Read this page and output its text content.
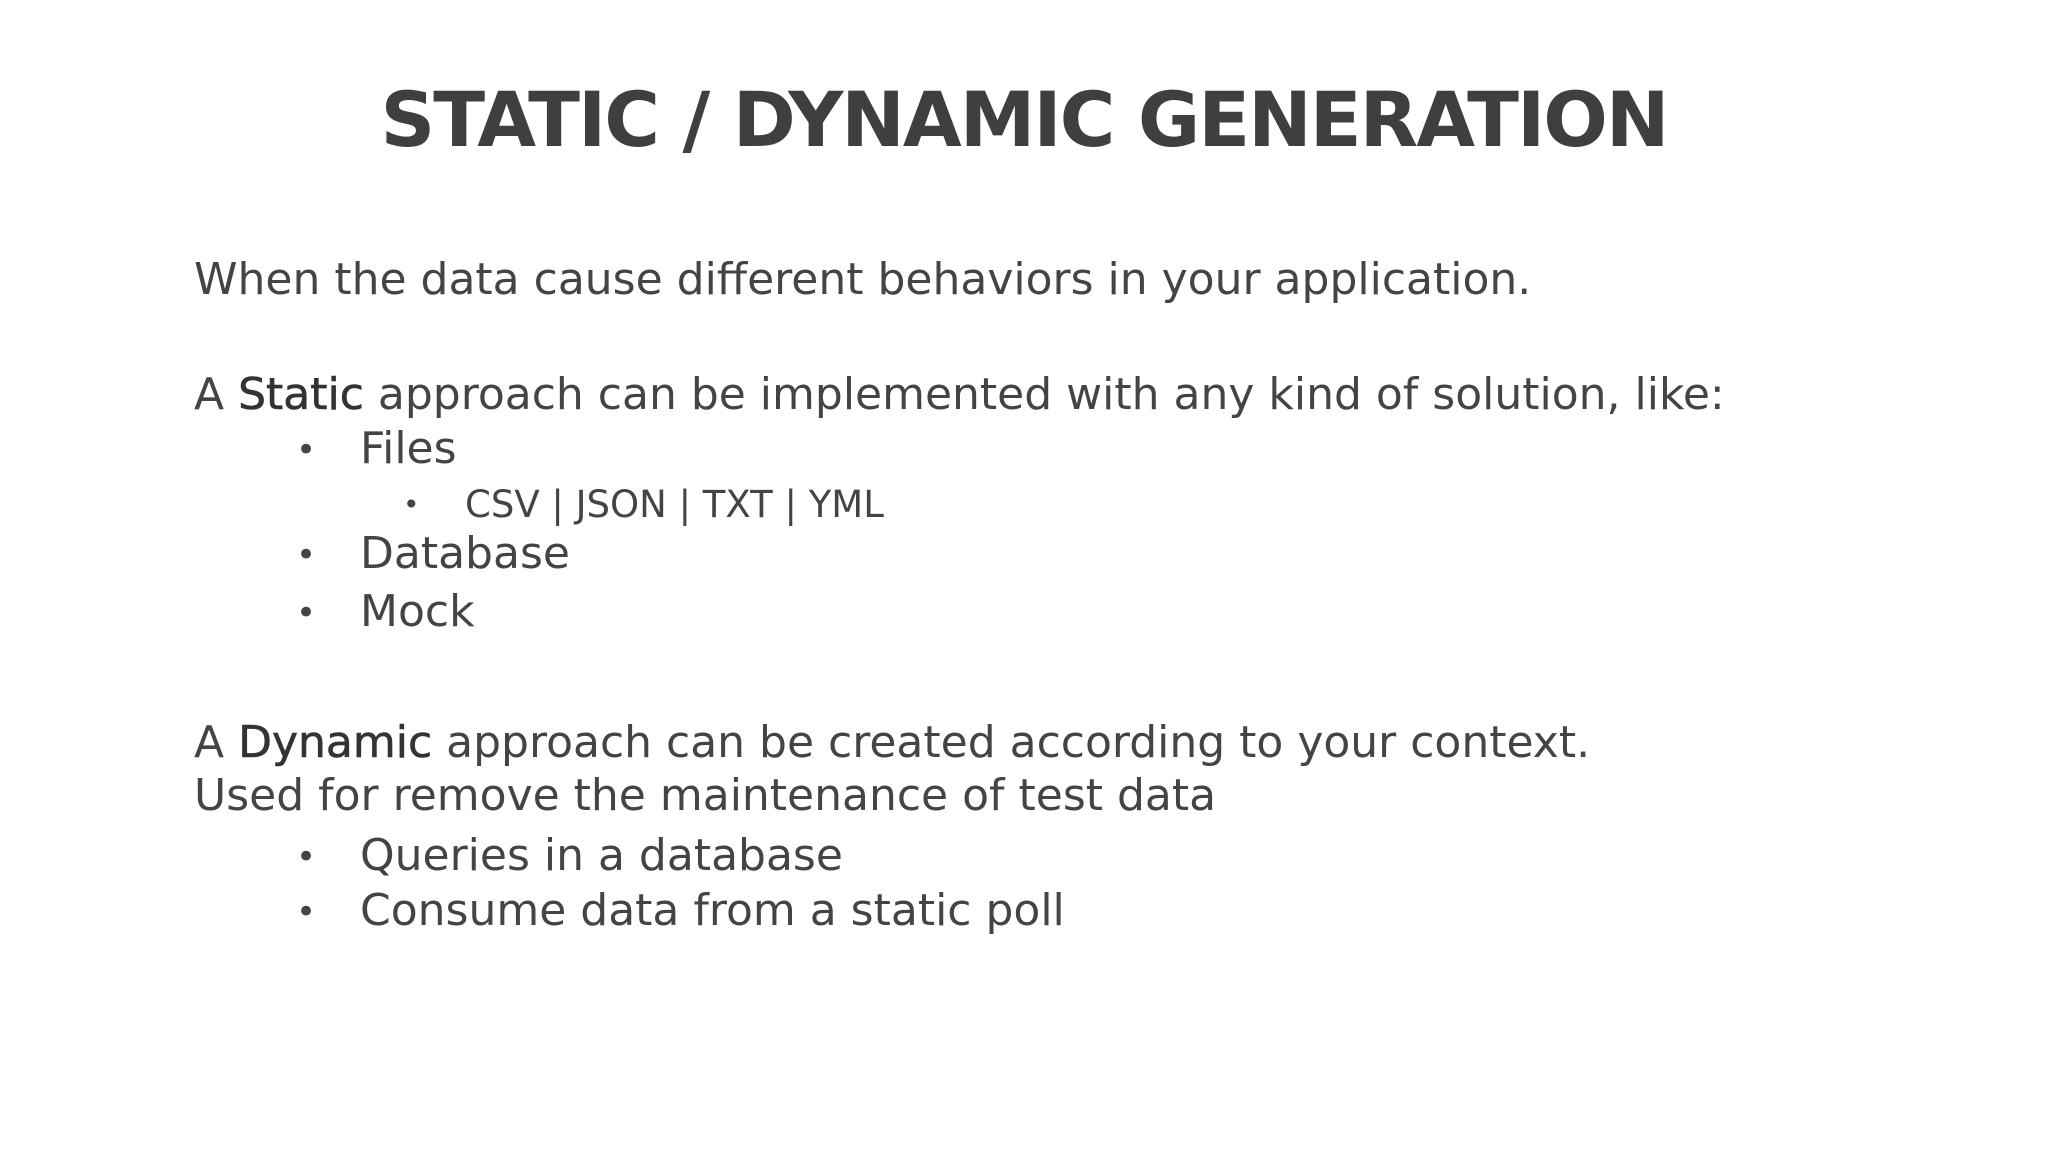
STATIC / DYNAMIC GENERATION
When the data cause different behaviors in your application.
A Static approach can be implemented with any kind of solution, like:
• Files
• CSV | JSON | TXT | YML
• Database
• Mock
A Dynamic approach can be created according to your context.
Used for remove the maintenance of test data
• Queries in a database
• Consume data from a static poll
